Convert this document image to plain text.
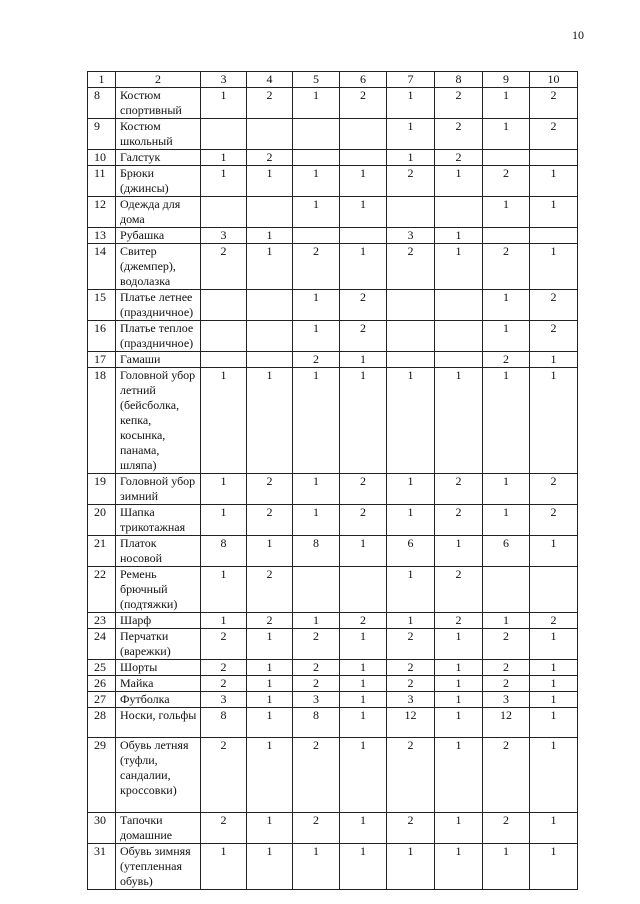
10
1	2	3	4	5	6	7	8	9	10
8	Костюм спортивный	1	2	1	2	1	2	1	2
9	Костюм школьный					1	2	1	2
10	Галстук	1	2			1	2		
11	Брюки (джинсы)	1	1	1	1	2	1	2	1
12	Одежда для дома			1	1			1	1
13	Рубашка	3	1			3	1		
14	Свитер (джемпер), водолазка	2	1	2	1	2	1	2	1
15	Платье летнее (праздничное)			1	2			1	2
16	Платье теплое (праздничное)			1	2			1	2
17	Гамаши			2	1			2	1
18	Головной убор летний (бейсболка, кепка, косынка, панама, шляпа)	1	1	1	1	1	1	1	1
19	Головной убор зимний	1	2	1	2	1	2	1	2
20	Шапка трикотажная	1	2	1	2	1	2	1	2
21	Платок носовой	8	1	8	1	6	1	6	1
22	Ремень брючный (подтяжки)	1	2			1	2		
23	Шарф	1	2	1	2	1	2	1	2
24	Перчатки (варежки)	2	1	2	1	2	1	2	1
25	Шорты	2	1	2	1	2	1	2	1
26	Майка	2	1	2	1	2	1	2	1
27	Футболка	3	1	3	1	3	1	3	1
28	Носки, гольфы	8	1	8	1	12	1	12	1
29	Обувь летняя (туфли, сандалии, кроссовки)	2	1	2	1	2	1	2	1
30	Тапочки домашние	2	1	2	1	2	1	2	1
31	Обувь зимняя (утепленная обувь)	1	1	1	1	1	1	1	1
